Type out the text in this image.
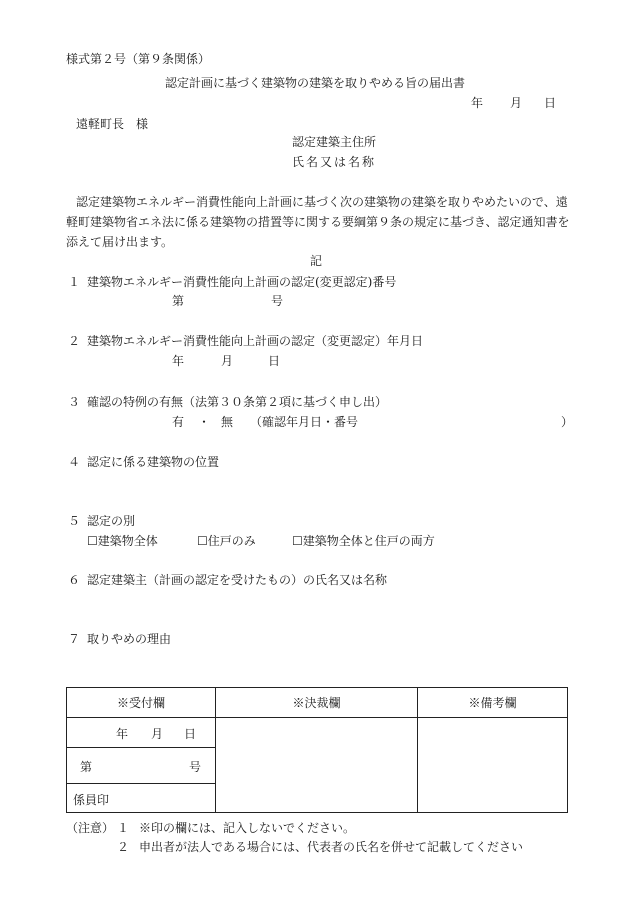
様式第２号（第９条関係）
認定計画に基づく建築物の建築を取りやめる旨の届出書
年 月 日
遠軽町長　様
認定建築主住所
氏名又は名称
認定建築物エネルギー消費性能向上計画に基づく次の建築物の建築を取りやめたいので、遠
軽町建築物省エネ法に係る建築物の措置等に関する要綱第９条の規定に基づき、認定通知書を
添えて届け出ます。
記
１ 建築物エネルギー消費性能向上計画の認定(変更認定)番号
第	号
２ 建築物エネルギー消費性能向上計画の認定（変更認定）年月日
年	月	日
３ 確認の特例の有無（法第３０条第２項に基づく申し出）
有 ・ 無 （確認年月日・番号	）
４ 認定に係る建築物の位置
５ 認定の別
☐建築物全体	☐住戸のみ	☐建築物全体と住戸の両方
６ 認定建築主（計画の認定を受けたもの）の氏名又は名称
７ 取りやめの理由
※受付欄	※決裁欄	※備考欄

年 月 日		

第 号		

係員印		
（注意） １ ※印の欄には、記入しないでください。
２ 申出者が法人である場合には、代表者の氏名を併せて記載してください
